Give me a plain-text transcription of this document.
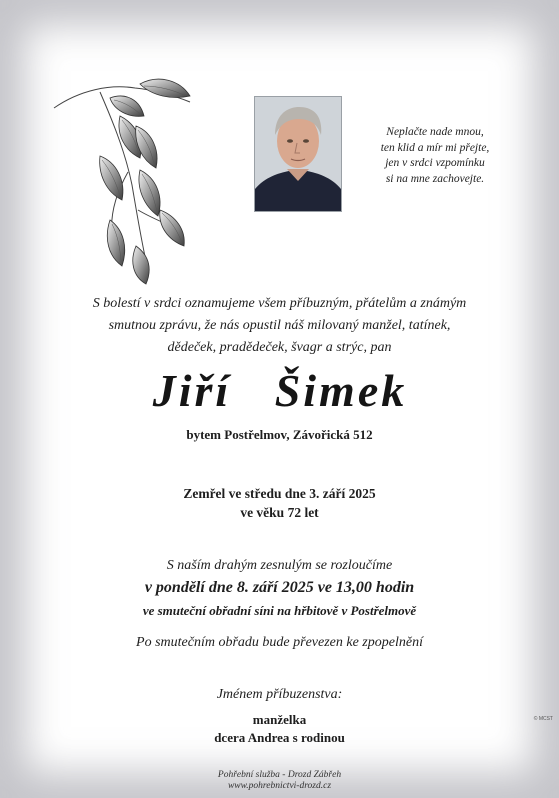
Neplačte nade mnou,
ten klid a mír mi přejte,
jen v srdci vzpomínku
si na mne zachovejte.
S bolestí v srdci oznamujeme všem příbuzným, přátelům a známým
smutnou zprávu, že nás opustil náš milovaný manžel, tatínek,
dědeček, pradědeček, švagr a strýc, pan
Jiří   Šimek
bytem Postřelmov, Závořická 512
Zemřel ve středu dne 3. září 2025
ve věku 72 let
S naším drahým zesnulým se rozloučíme
v pondělí dne 8. září 2025 ve 13,00 hodin
ve smuteční obřadní síni na hřbitově v Postřelmově
Po smutečním obřadu bude převezen ke zpopelnění
Jménem příbuzenstva:
manželka
dcera Andrea s rodinou
Pohřební služba - Drozd Zábřeh
www.pohrebnictvi-drozd.cz
© MCST
